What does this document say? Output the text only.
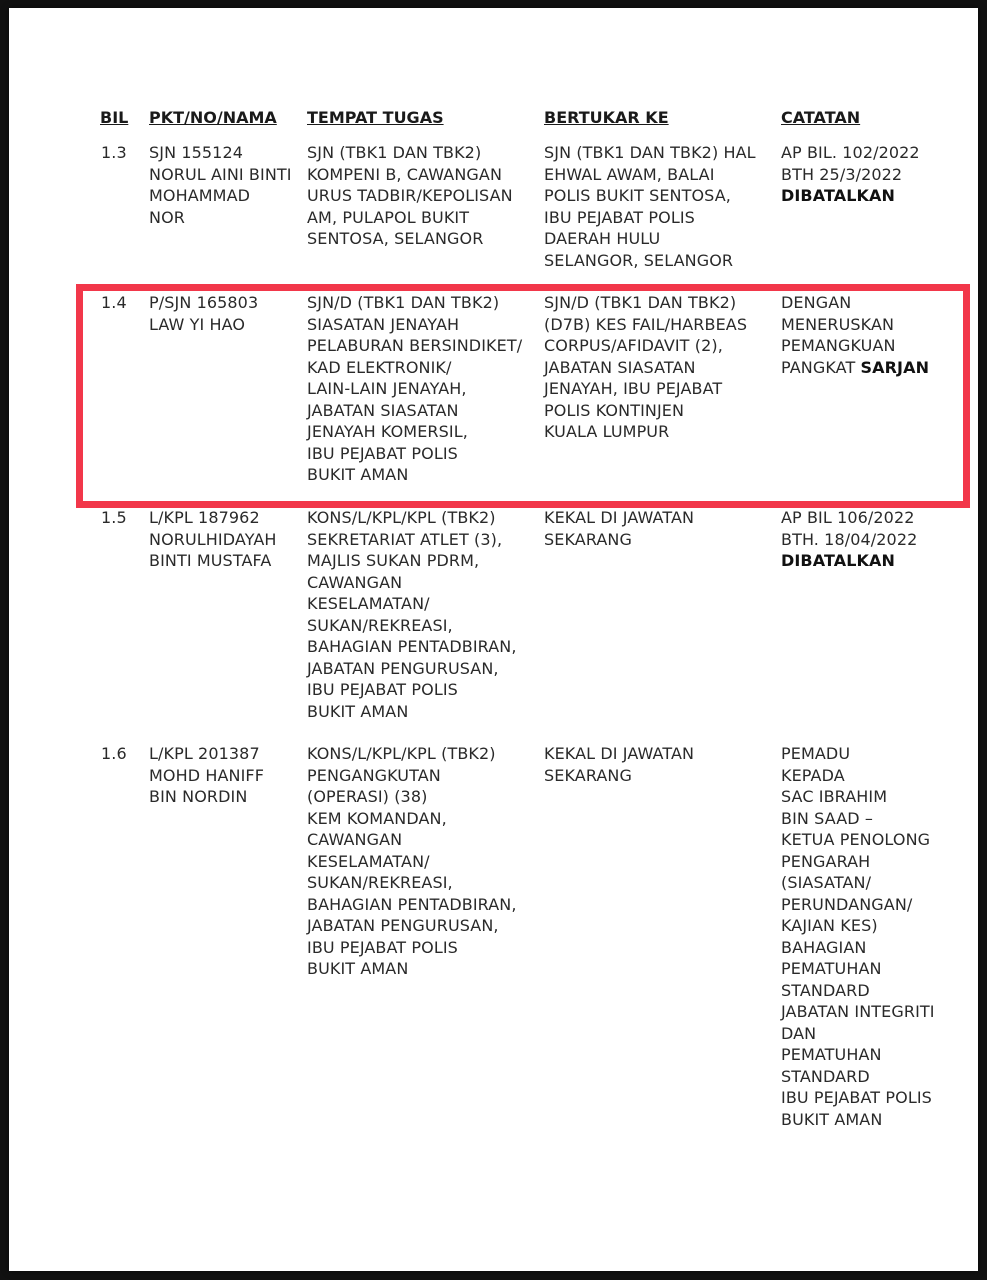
BIL PKT/NO/NAMA TEMPAT TUGAS	BERTUKAR KE	CATATAN
1.3 SJN 155124
NORUL AINI BINTI
MOHAMMAD
NOR
SJN (TBK1 DAN TBK2)
KOMPENI B, CAWANGAN
URUS TADBIR/KEPOLISAN
AM, PULAPOL BUKIT
SENTOSA, SELANGOR
SJN (TBK1 DAN TBK2) HAL
EHWAL AWAM, BALAI
POLIS BUKIT SENTOSA,
IBU PEJABAT POLIS
DAERAH HULU
SELANGOR, SELANGOR
AP BIL. 102/2022
BTH 25/3/2022
DIBATALKAN
1.4 P/SJN 165803
LAW YI HAO
SJN/D (TBK1 DAN TBK2)
SIASATAN JENAYAH
PELABURAN BERSINDIKET/
KAD ELEKTRONIK/
LAIN-LAIN JENAYAH,
JABATAN SIASATAN
JENAYAH KOMERSIL,
IBU PEJABAT POLIS
BUKIT AMAN
SJN/D (TBK1 DAN TBK2)
(D7B) KES FAIL/HARBEAS
CORPUS/AFIDAVIT (2),
JABATAN SIASATAN
JENAYAH, IBU PEJABAT
POLIS KONTINJEN
KUALA LUMPUR
DENGAN
MENERUSKAN
PEMANGKUAN
PANGKAT SARJAN
1.5 L/KPL 187962
NORULHIDAYAH
BINTI MUSTAFA
KONS/L/KPL/KPL (TBK2)
SEKRETARIAT ATLET (3),
MAJLIS SUKAN PDRM,
CAWANGAN
KESELAMATAN/
SUKAN/REKREASI,
BAHAGIAN PENTADBIRAN,
JABATAN PENGURUSAN,
IBU PEJABAT POLIS
BUKIT AMAN
KEKAL DI JAWATAN
SEKARANG
AP BIL 106/2022
BTH. 18/04/2022
DIBATALKAN
1.6 L/KPL 201387
MOHD HANIFF
BIN NORDIN
KONS/L/KPL/KPL (TBK2)
PENGANGKUTAN
(OPERASI) (38)
KEM KOMANDAN,
CAWANGAN
KESELAMATAN/
SUKAN/REKREASI,
BAHAGIAN PENTADBIRAN,
JABATAN PENGURUSAN,
IBU PEJABAT POLIS
BUKIT AMAN
KEKAL DI JAWATAN
SEKARANG
PEMADU
KEPADA
SAC IBRAHIM
BIN SAAD –
KETUA PENOLONG
PENGARAH
(SIASATAN/
PERUNDANGAN/
KAJIAN KES)
BAHAGIAN
PEMATUHAN
STANDARD
JABATAN INTEGRITI
DAN
PEMATUHAN
STANDARD
IBU PEJABAT POLIS
BUKIT AMAN
